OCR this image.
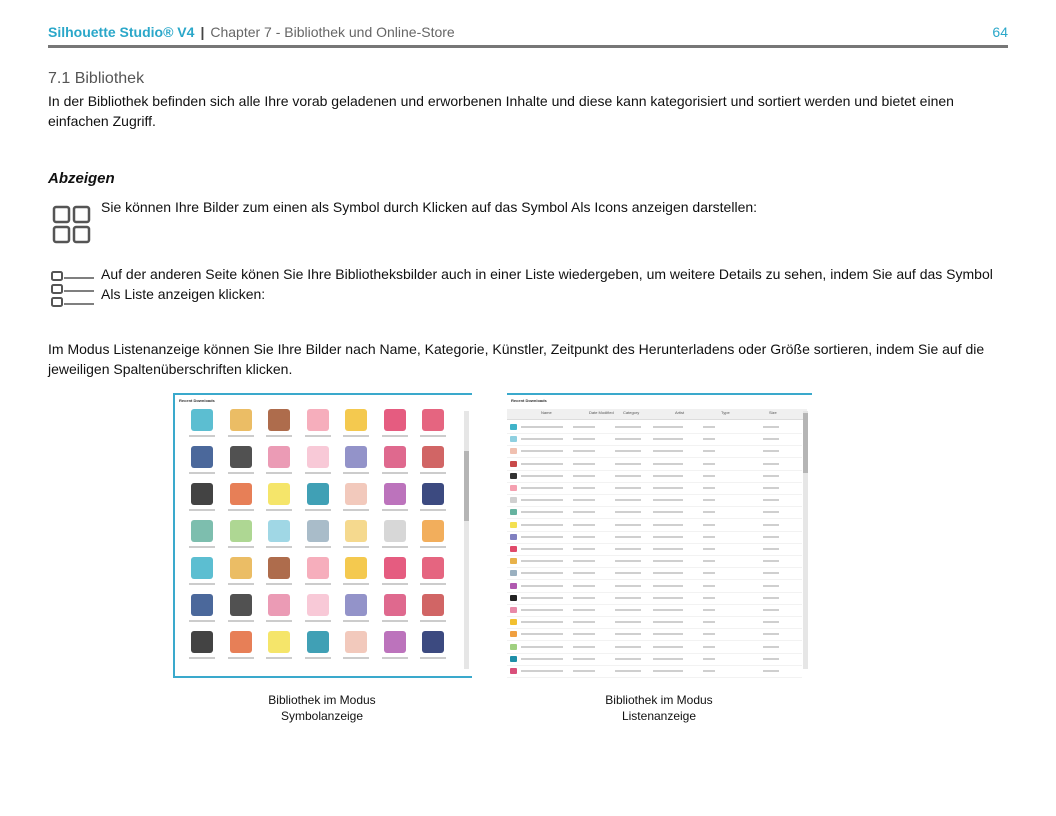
Silhouette Studio® V4 | Chapter 7 - Bibliothek und Online-Store	64
7.1 Bibliothek
In der Bibliothek befinden sich alle Ihre vorab geladenen und erworbenen Inhalte und diese kann kategorisiert und sortiert werden und bietet einen einfachen Zugriff.
Abzeigen
Sie können Ihre Bilder zum einen als Symbol durch Klicken auf das Symbol Als Icons anzeigen darstellen:
Auf der anderen Seite könen Sie Ihre Bibliotheksbilder auch in einer Liste wiedergeben, um weitere Details zu sehen, indem Sie auf das Symbol Als Liste anzeigen klicken:
Im Modus Listenanzeige können Sie Ihre Bilder nach Name, Kategorie, Künstler, Zeitpunkt des Herunterladens oder Größe sortieren, indem Sie auf die jeweiligen Spaltenüberschriften klicken.
Recent Downloads	Recent Downloads
Name	Date Modified Category	Artist	Type	Size
Bibliothek im Modus
Symbolanzeige
Bibliothek im Modus
Listenanzeige
